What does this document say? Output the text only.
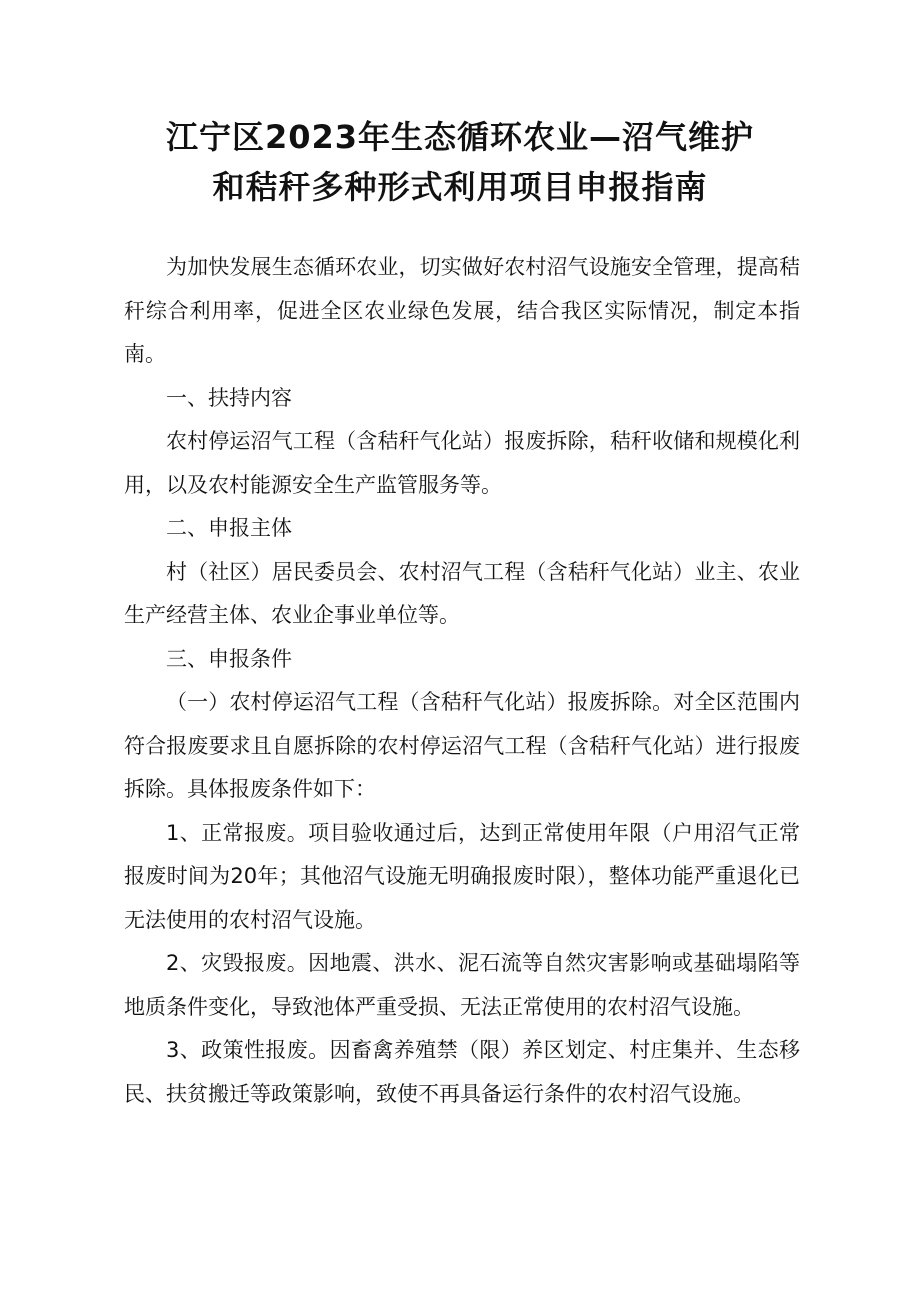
江宁区2023年生态循环农业—沼气维护
和秸秆多种形式利用项目申报指南

为加快发展生态循环农业，切实做好农村沼气设施安全管理，提高秸秆综合利用率，促进全区农业绿色发展，结合我区实际情况，制定本指南。

一、扶持内容

农村停运沼气工程（含秸秆气化站）报废拆除，秸秆收储和规模化利用，以及农村能源安全生产监管服务等。

二、申报主体

村（社区）居民委员会、农村沼气工程（含秸秆气化站）业主、农业生产经营主体、农业企事业单位等。

三、申报条件

（一）农村停运沼气工程（含秸秆气化站）报废拆除。对全区范围内符合报废要求且自愿拆除的农村停运沼气工程（含秸秆气化站）进行报废拆除。具体报废条件如下：

1、正常报废。项目验收通过后，达到正常使用年限（户用沼气正常报废时间为20年；其他沼气设施无明确报废时限），整体功能严重退化已无法使用的农村沼气设施。

2、灾毁报废。因地震、洪水、泥石流等自然灾害影响或基础塌陷等地质条件变化，导致池体严重受损、无法正常使用的农村沼气设施。

3、政策性报废。因畜禽养殖禁（限）养区划定、村庄集并、生态移民、扶贫搬迁等政策影响，致使不再具备运行条件的农村沼气设施。
